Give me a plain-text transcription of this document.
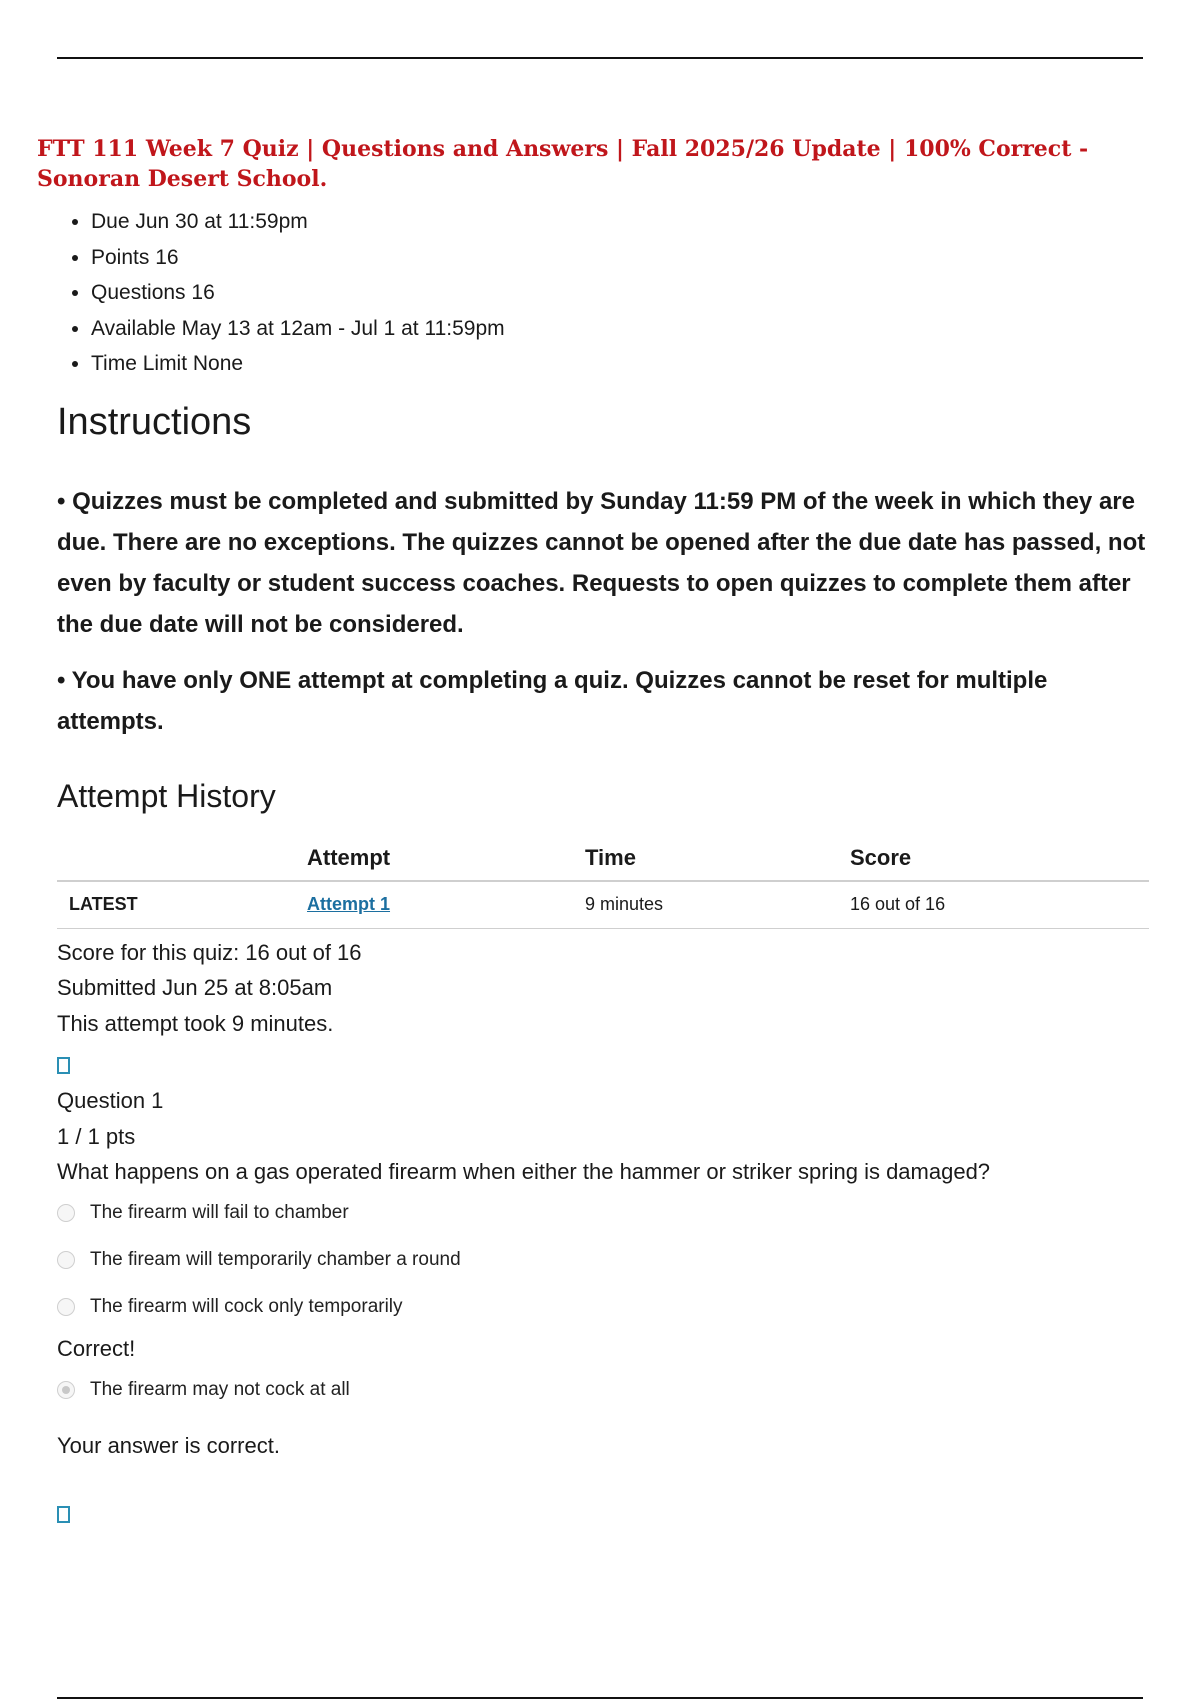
FTT 111 Week 7 Quiz | Questions and Answers | Fall 2025/26 Update | 100% Correct - Sonoran Desert School.
• Due Jun 30 at 11:59pm
• Points 16
• Questions 16
• Available May 13 at 12am - Jul 1 at 11:59pm
• Time Limit None
Instructions

• Quizzes must be completed and submitted by Sunday 11:59 PM of the week in which they are due. There are no exceptions. The quizzes cannot be opened after the due date has passed, not even by faculty or student success coaches. Requests to open quizzes to complete them after the due date will not be considered.

• You have only ONE attempt at completing a quiz. Quizzes cannot be reset for multiple attempts.

Attempt History
	Attempt	Time	Score
LATEST	Attempt 1	9 minutes	16 out of 16

Score for this quiz: 16 out of 16

Submitted Jun 25 at 8:05am

This attempt took 9 minutes.

Question 1

1 / 1 pts

What happens on a gas operated firearm when either the hammer or striker spring is damaged?

The firearm will fail to chamber
The fiream will temporarily chamber a round
The firearm will cock only temporarily

Correct!

The firearm may not cock at all

Your answer is correct.
